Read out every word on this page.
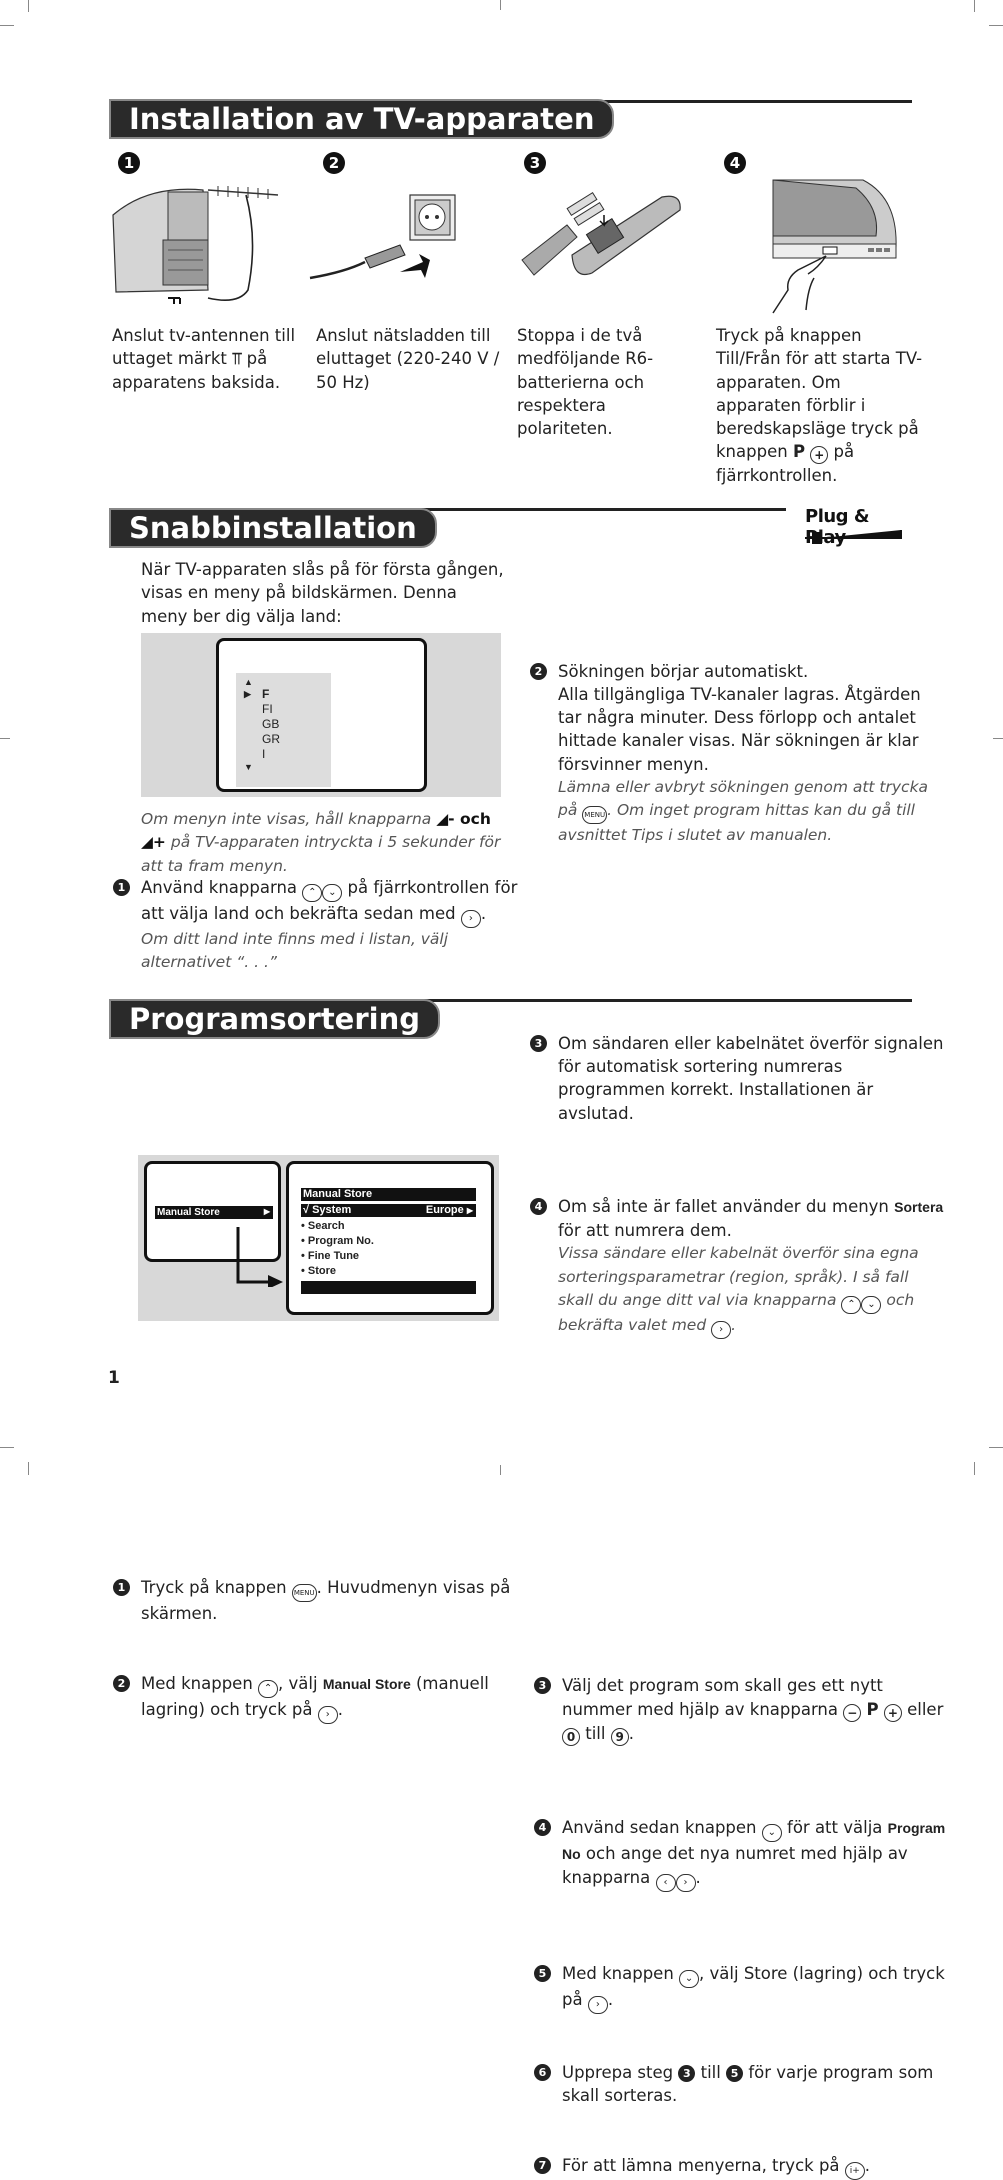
Installation av TV-apparaten
1	2	3	4
Anslut tv-antennen till uttaget märkt ⫪ på apparatens baksida.
Anslut nätsladden till eluttaget (220-240 V / 50 Hz)
Stoppa i de två medföljande R6-batterierna och respektera polariteten.
Tryck på knappen Till/Från för att starta TV-apparaten. Om apparaten förblir i beredskapsläge tryck på knappen P + på fjärrkontrollen.
Snabbinstallation	Plug &
När TV-apparaten slås på för första gången, visas en meny på bildskärmen. Denna meny ber dig välja land:
▲
▶ F
FI
GB
GR
I
▼
Om menyn inte visas, håll knapparna ◢- och ◢+ på TV-apparaten intryckta i 5 sekunder för att ta fram menyn.
1 Använd knapparna ⌃ ⌄ på fjärrkontrollen för att välja land och bekräfta sedan med › .
Om ditt land inte finns med i listan, välj alternativet “. . .”
2 Sökningen börjar automatiskt.
Alla tillgängliga TV-kanaler lagras. Åtgärden tar några minuter. Dess förlopp och antalet hittade kanaler visas. När sökningen är klar försvinner menyn.
Lämna eller avbryt sökningen genom att trycka på MENU . Om inget program hittas kan du gå till avsnittet Tips i slutet av manualen.
3 Om sändaren eller kabelnätet överför signalen för automatisk sortering numreras programmen korrekt. Installationen är avslutad.
4 Om så inte är fallet använder du menyn Sortera för att numrera dem.
Vissa sändare eller kabelnät överför sina egna sorteringsparametrar (region, språk). I så fall skall du ange ditt val via knapparna ⌃ ⌄ och bekräfta valet med › .
Programsortering
1 Tryck på knappen MENU . Huvudmenyn visas på skärmen.
2 Med knappen ⌃ , välj Manual Store (manuell lagring) och tryck på › .
Manual Store	▶
Manual Store
√ System	Europe ▶
• Search
• Program No.
• Fine Tune
• Store
3 Välj det program som skall ges ett nytt nummer med hjälp av knapparna − P + eller 0 till 9 .
4 Använd sedan knappen ⌄ för att välja Program No och ange det nya numret med hjälp av knapparna ‹ › .
5 Med knappen ⌄ , välj Store (lagring) och tryck på › .
6 Upprepa steg 3 till 5 för varje program som skall sorteras.
7 För att lämna menyerna, tryck på i+ .
1
